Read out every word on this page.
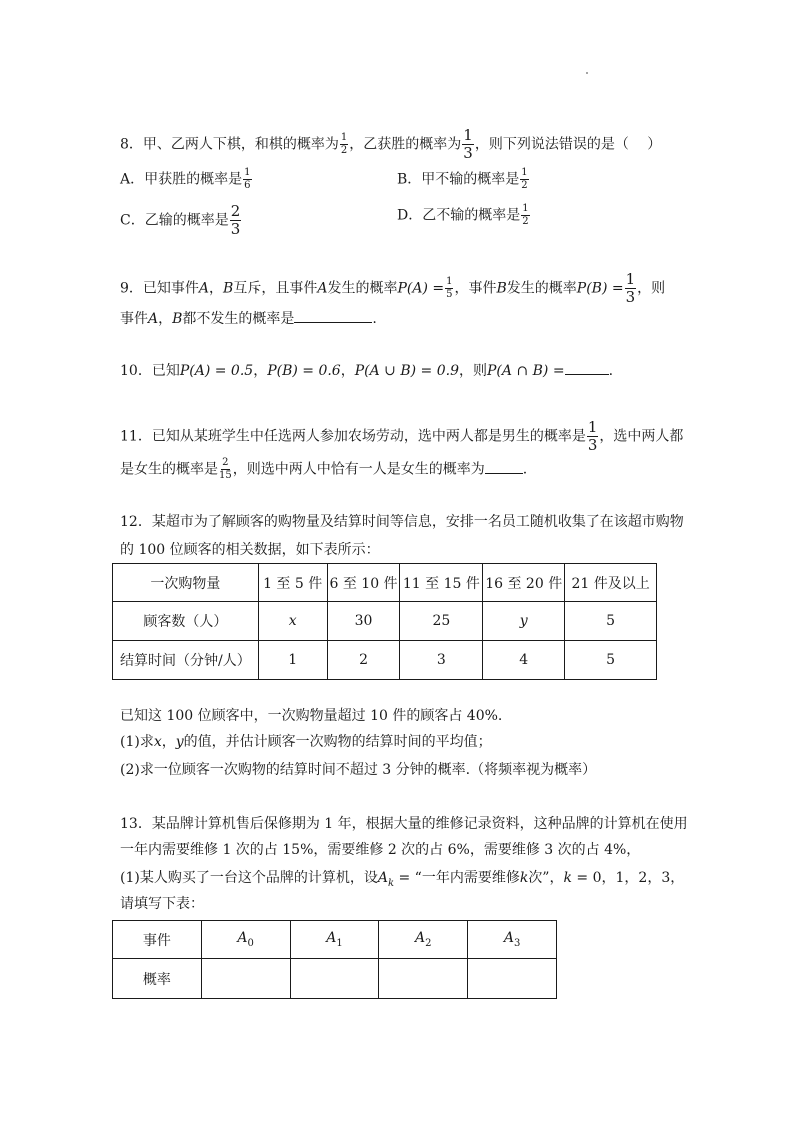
8．甲、乙两人下棋，和棋的概率为 $\frac{1}{2}$ ，乙获胜的概率为 $\frac{1}{3}$ ，则下列说法错误的是（　 ）
A．甲获胜的概率是 $\frac{1}{6}$	B．甲不输的概率是 $\frac{1}{2}$
C．乙输的概率是 $\frac{2}{3}$	D．乙不输的概率是 $\frac{1}{2}$
9．已知事件A，B互斥，且事件A发生的概率$P(A) = \frac{1}{5}$ ，事件B发生的概率$P(B) = \frac{1}{3}$ ，则
事件A，B都不发生的概率是	.
10．已知P(A) = 0.5，P(B) = 0.6，P(A ∪ B) = 0.9，则P(A ∩ B) =	.
11．已知从某班学生中任选两人参加农场劳动，选中两人都是男生的概率是 $\frac{1}{3}$ ，选中两人都
是女生的概率是 $\frac{2}{15}$ ，则选中两人中恰有一人是女生的概率为	.
12．某超市为了解顾客的购物量及结算时间等信息，安排一名员工随机收集了在该超市购物
的 100 位顾客的相关数据，如下表所示：
一次购物量	1 至 5 件	6 至 10 件	11 至 15 件	16 至 20 件	21 件及以上
顾客数（人）	x	30	25	y	5
结算时间（分钟/人）	1	2	3	4	5
已知这 100 位顾客中，一次购物量超过 10 件的顾客占 40%.
(1)求x，y的值，并估计顾客一次购物的结算时间的平均值；
(2)求一位顾客一次购物的结算时间不超过 3 分钟的概率.（将频率视为概率）
13．某品牌计算机售后保修期为 1 年，根据大量的维修记录资料，这种品牌的计算机在使用
一年内需要维修 1 次的占 15%，需要维修 2 次的占 6%，需要维修 3 次的占 4%，
(1)某人购买了一台这个品牌的计算机，设$A_k$ = “一年内需要维修k次”，k = 0，1，2，3，
请填写下表：
事件	$A_0$	$A_1$	$A_2$	$A_3$
概率				
